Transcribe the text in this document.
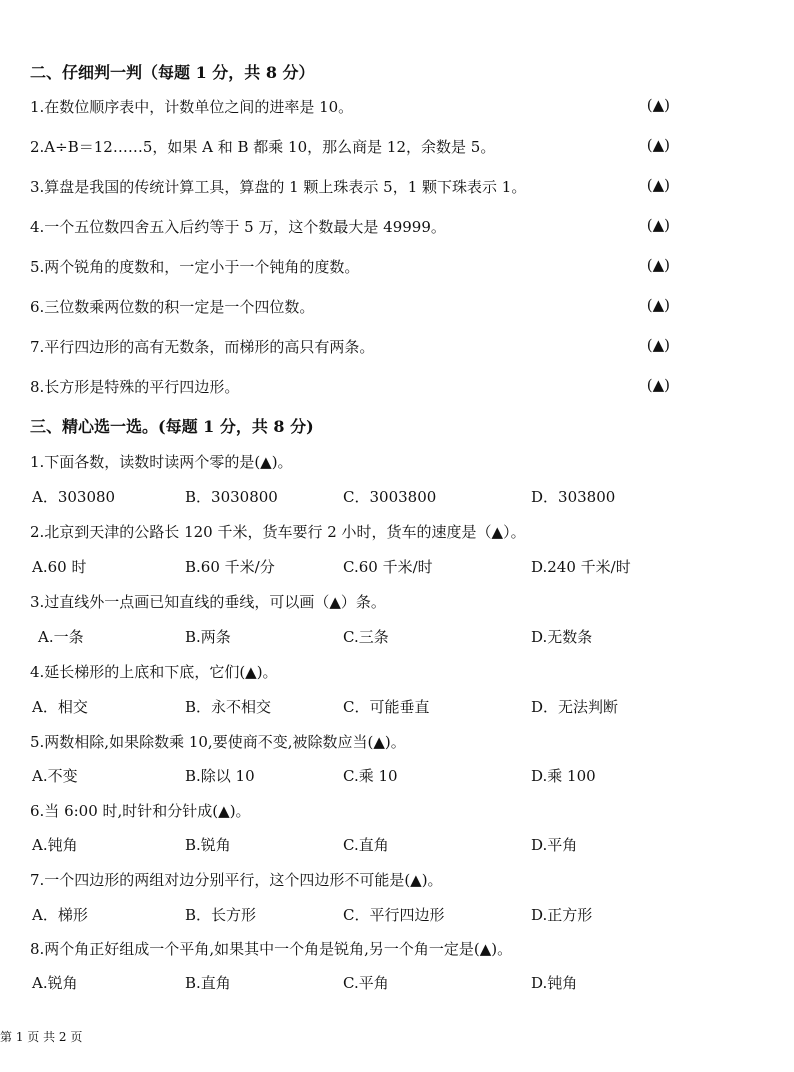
二、仔细判一判（每题 1 分，共 8 分）
1.在数位顺序表中，计数单位之间的进率是 10。	(▲)
2.A÷B＝12……5，如果 A 和 B 都乘 10，那么商是 12，余数是 5。	(▲)
3.算盘是我国的传统计算工具，算盘的 1 颗上珠表示 5，1 颗下珠表示 1。	(▲)
4.一个五位数四舍五入后约等于 5 万，这个数最大是 49999。	(▲)
5.两个锐角的度数和，一定小于一个钝角的度数。	(▲)
6.三位数乘两位数的积一定是一个四位数。	(▲)
7.平行四边形的高有无数条，而梯形的高只有两条。	(▲)
8.长方形是特殊的平行四边形。	(▲)
三、精心选一选。(每题 1 分，共 8 分)
1.下面各数，读数时读两个零的是(▲)。
A．303080	B．3030800	C．3003800	D．303800
2.北京到天津的公路长 120 千米，货车要行 2 小时，货车的速度是（▲）。
A.60 时	B.60 千米/分	C.60 千米/时	D.240 千米/时
3.过直线外一点画已知直线的垂线，可以画（▲）条。
A.一条	B.两条	C.三条	D.无数条
4.延长梯形的上底和下底，它们(▲)。
A．相交	B．永不相交	C．可能垂直	D．无法判断
5.两数相除,如果除数乘 10,要使商不变,被除数应当(▲)。
A.不变	B.除以 10	C.乘 10	D.乘 100
6.当 6:00 时,时针和分针成(▲)。
A.钝角	B.锐角	C.直角	D.平角
7.一个四边形的两组对边分别平行，这个四边形不可能是(▲)。
A．梯形	B．长方形	C．平行四边形	D.正方形
8.两个角正好组成一个平角,如果其中一个角是锐角,另一个角一定是(▲)。
A.锐角	B.直角	C.平角	D.钝角
第 1 页 共 2 页
